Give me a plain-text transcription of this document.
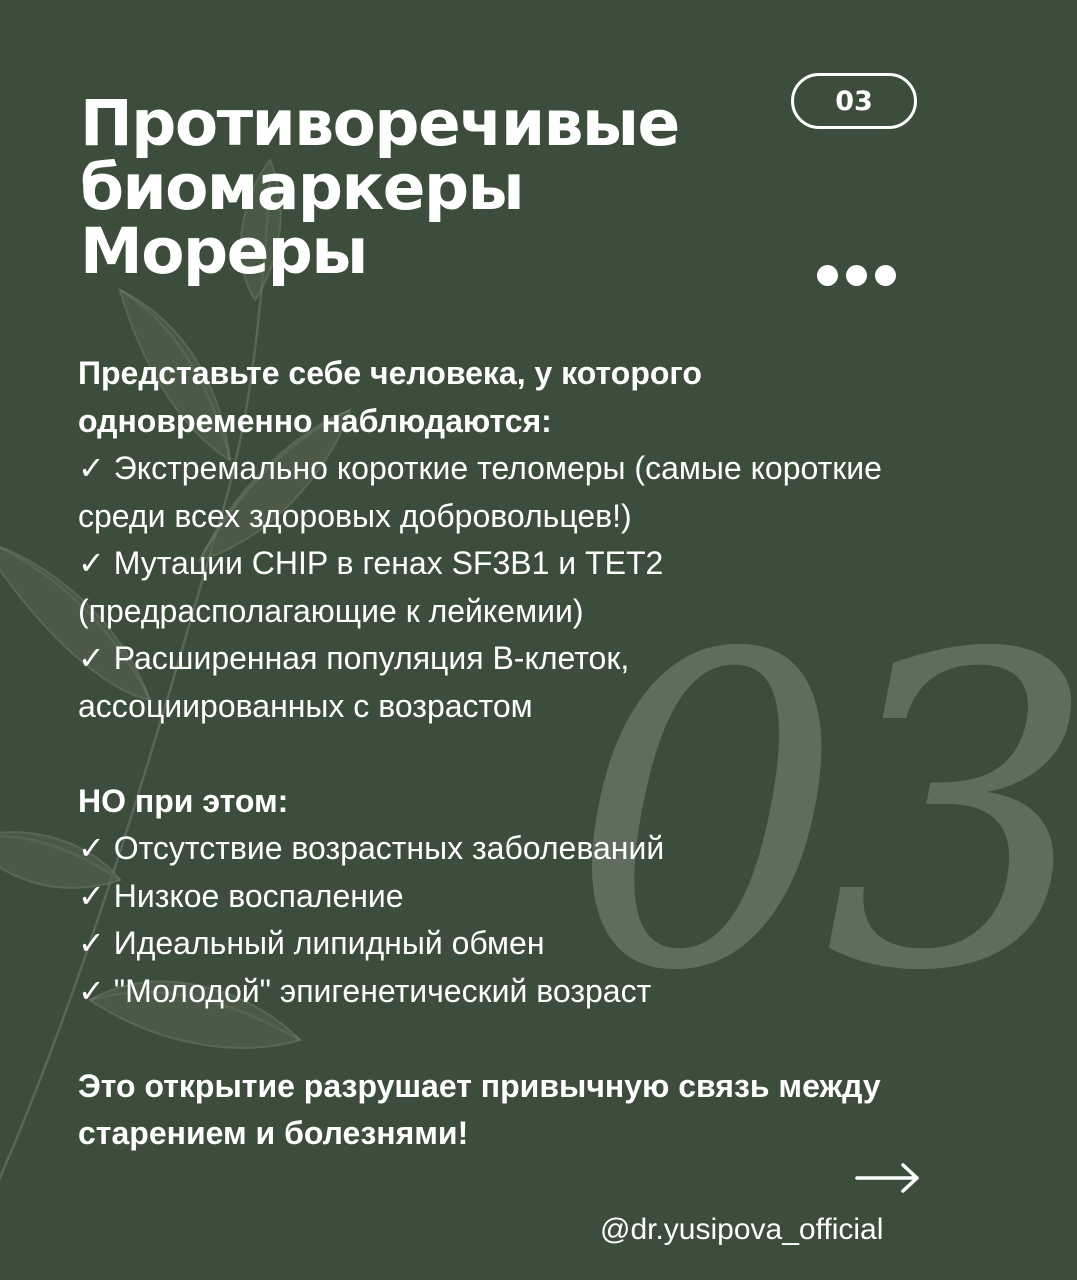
03
Противоречивые
биомаркеры
Мореры
03
Представьте себе человека, у которого
одновременно наблюдаются:
✓ Экстремально короткие теломеры (самые короткие
среди всех здоровых добровольцев!)
✓ Мутации CHIP в генах SF3B1 и TET2
(предрасполагающие к лейкемии)
✓ Расширенная популяция B-клеток,
ассоциированных с возрастом
НО при этом:
✓ Отсутствие возрастных заболеваний
✓ Низкое воспаление
✓ Идеальный липидный обмен
✓ "Молодой" эпигенетический возраст
Это открытие разрушает привычную связь между
старением и болезнями!
@dr.yusipova_official
